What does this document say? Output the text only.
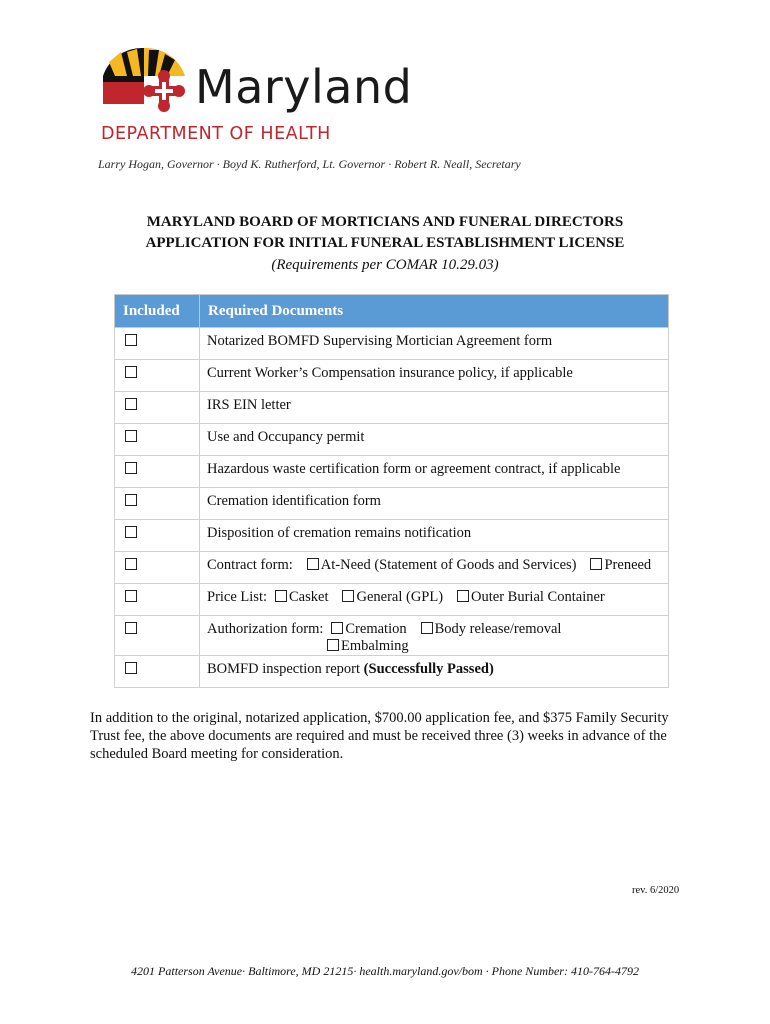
Maryland
DEPARTMENT OF HEALTH
Larry Hogan, Governor · Boyd K. Rutherford, Lt. Governor · Robert R. Neall, Secretary
MARYLAND BOARD OF MORTICIANS AND FUNERAL DIRECTORS
APPLICATION FOR INITIAL FUNERAL ESTABLISHMENT LICENSE
(Requirements per COMAR 10.29.03)
Included	Required Documents
	Notarized BOMFD Supervising Mortician Agreement form
	Current Worker’s Compensation insurance policy, if applicable
	IRS EIN letter
	Use and Occupancy permit
	Hazardous waste certification form or agreement contract, if applicable
	Cremation identification form
	Disposition of cremation remains notification
	Contract form: At-Need (Statement of Goods and Services) Preneed
	Price List: Casket General (GPL) Outer Burial Container
	Authorization form: Cremation Body release/removal
Embalming

	BOMFD inspection report (Successfully Passed)
In addition to the original, notarized application, $700.00 application fee, and $375 Family Security Trust fee, the above documents are required and must be received three (3) weeks in advance of the scheduled Board meeting for consideration.
rev. 6/2020
4201 Patterson Avenue· Baltimore, MD 21215· health.maryland.gov/bom · Phone Number: 410-764-4792
